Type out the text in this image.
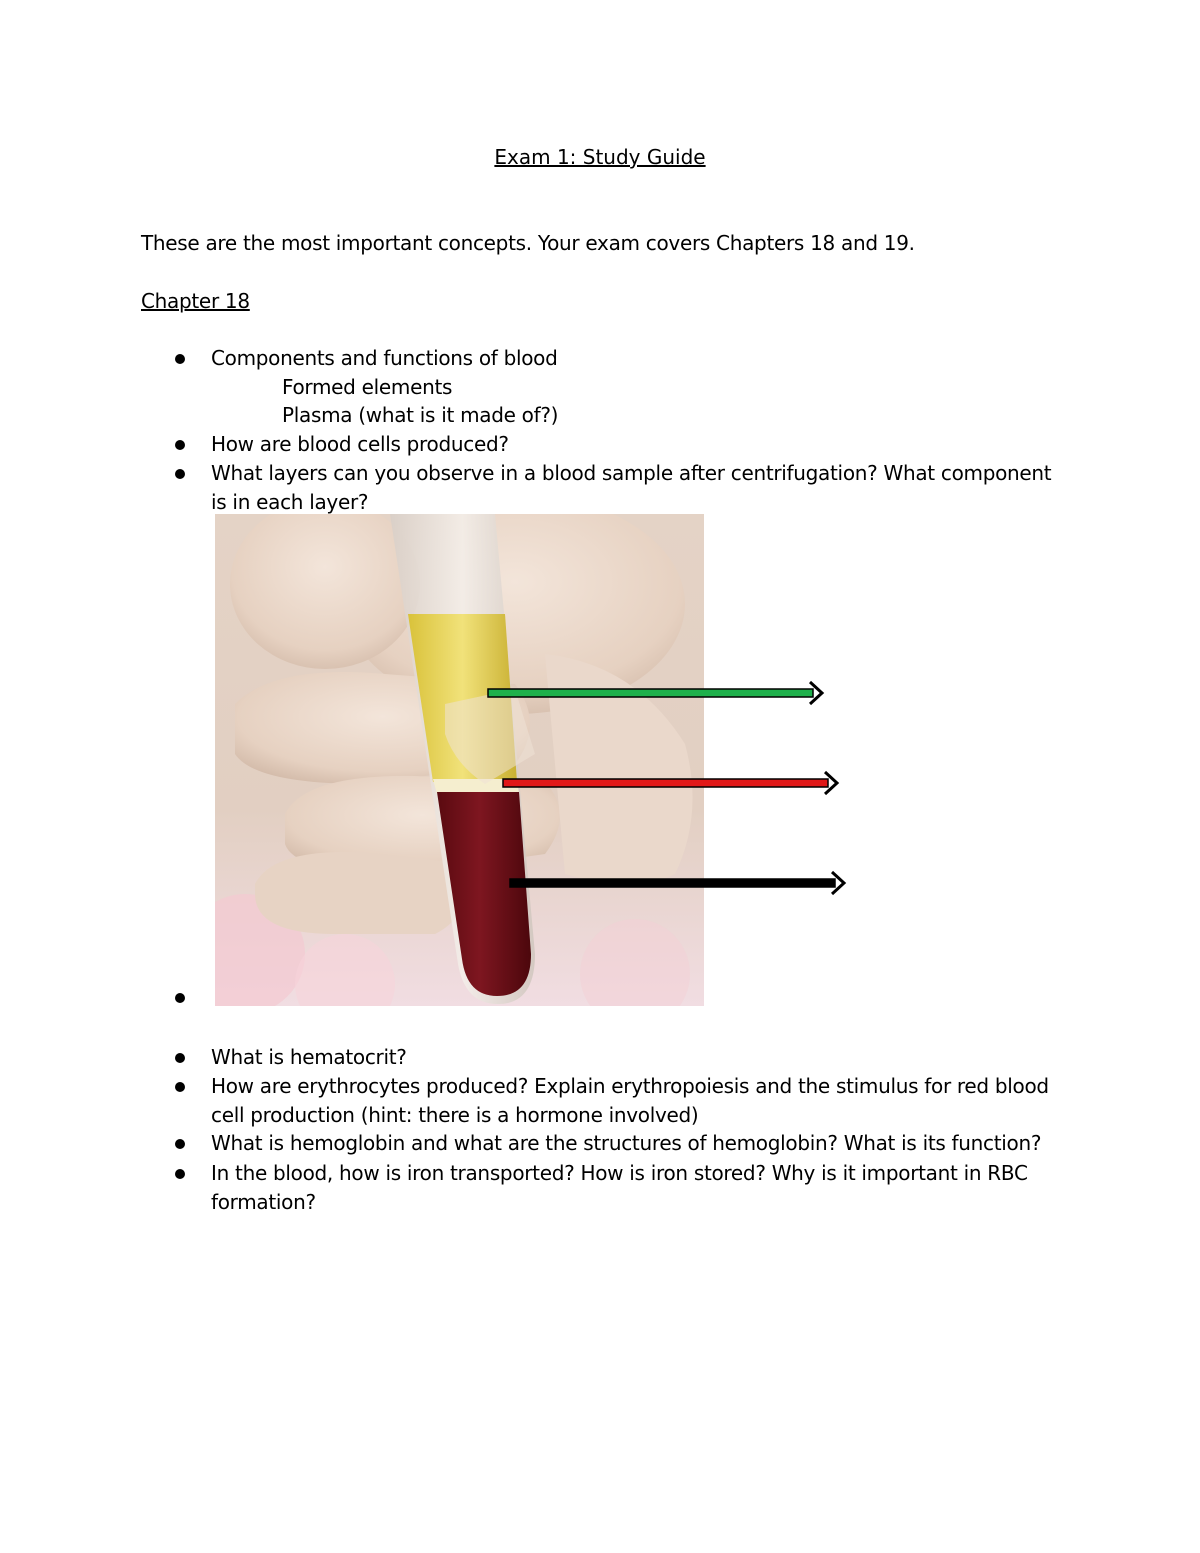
Exam 1: Study Guide
These are the most important concepts. Your exam covers Chapters 18 and 19.
Chapter 18
Components and functions of blood
Formed elements
Plasma (what is it made of?)
How are blood cells produced?
What layers can you observe in a blood sample after centrifugation? What component is in each layer?
What is hematocrit?
How are erythrocytes produced? Explain erythropoiesis and the stimulus for red blood cell production (hint: there is a hormone involved)
What is hemoglobin and what are the structures of hemoglobin? What is its function?
In the blood, how is iron transported? How is iron stored? Why is it important in RBC formation?
